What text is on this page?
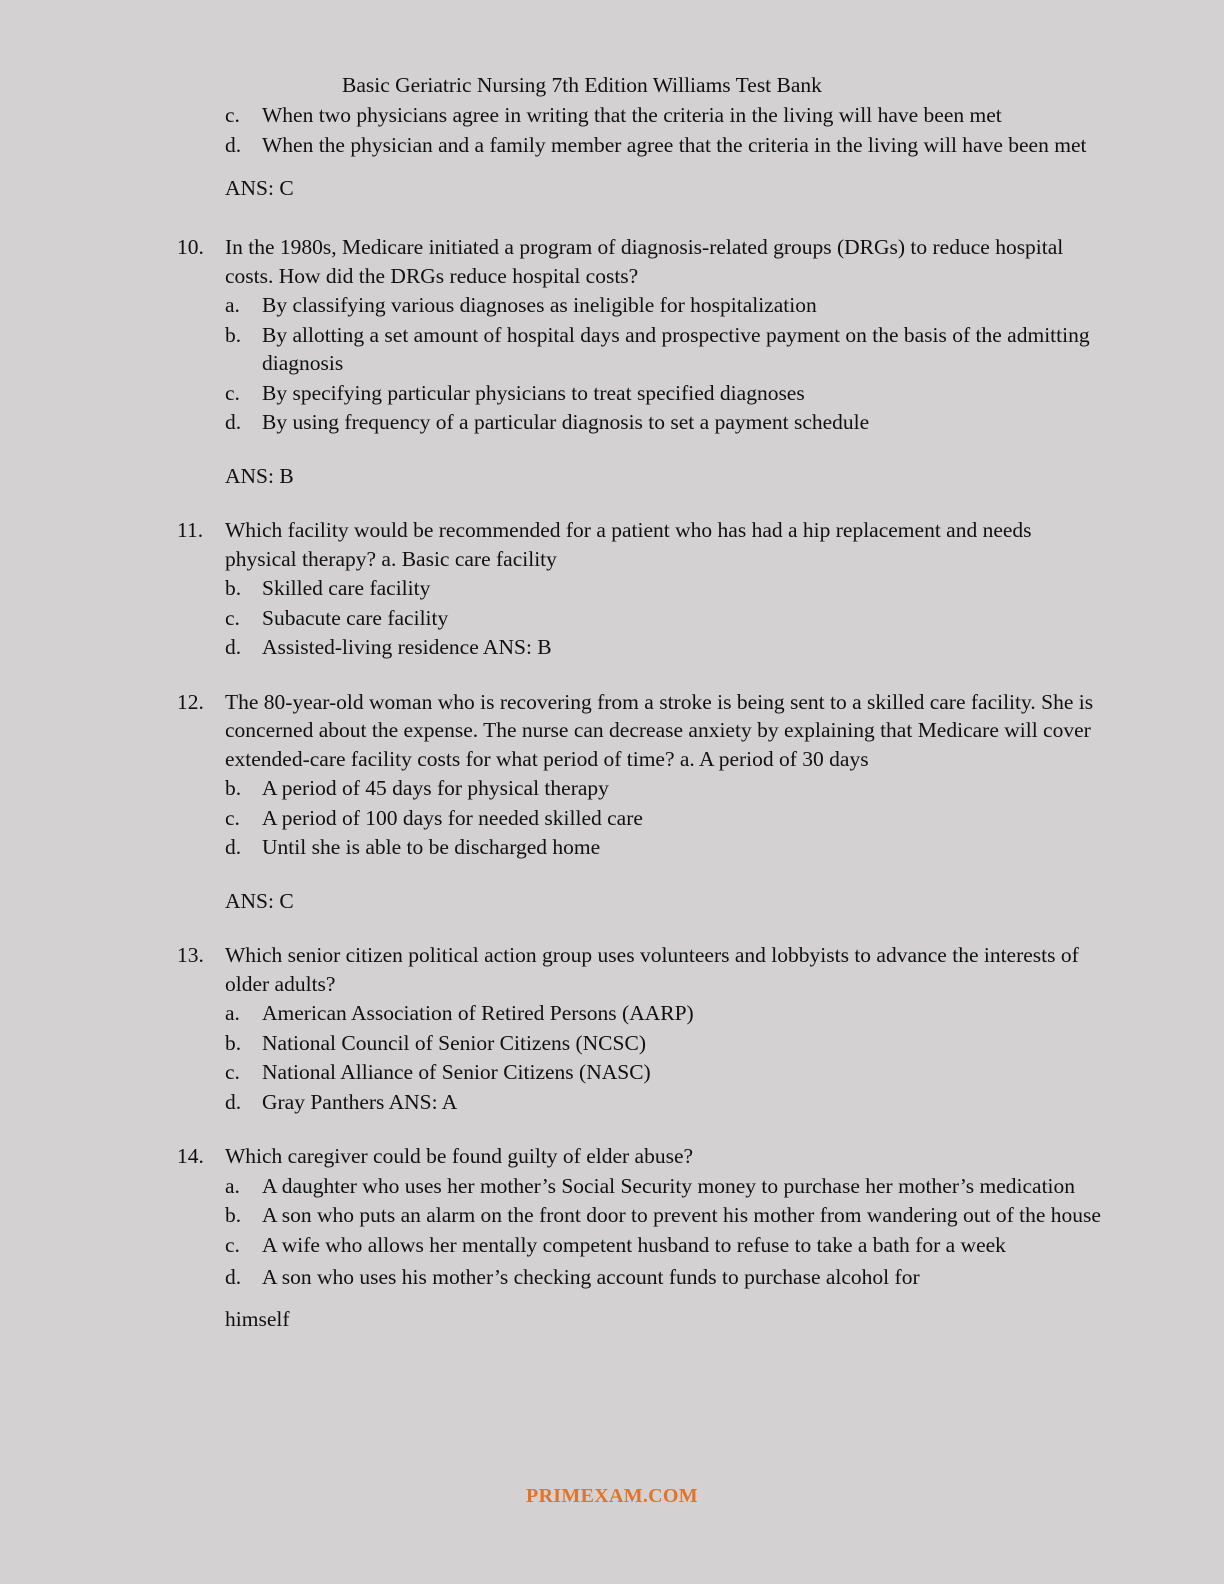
Basic Geriatric Nursing 7th Edition Williams Test Bank
c. When two physicians agree in writing that the criteria in the living will have been met
d. When the physician and a family member agree that the criteria in the living will have been met
ANS: C
10. In the 1980s, Medicare initiated a program of diagnosis-related groups (DRGs) to reduce hospital costs. How did the DRGs reduce hospital costs?
a. By classifying various diagnoses as ineligible for hospitalization
b. By allotting a set amount of hospital days and prospective payment on the basis of the admitting diagnosis
c. By specifying particular physicians to treat specified diagnoses
d. By using frequency of a particular diagnosis to set a payment schedule
ANS: B
11. Which facility would be recommended for a patient who has had a hip replacement and needs physical therapy? a. Basic care facility
b. Skilled care facility
c. Subacute care facility
d. Assisted-living residence ANS: B
12. The 80-year-old woman who is recovering from a stroke is being sent to a skilled care facility. She is concerned about the expense. The nurse can decrease anxiety by explaining that Medicare will cover extended-care facility costs for what period of time? a. A period of 30 days
b. A period of 45 days for physical therapy
c. A period of 100 days for needed skilled care
d. Until she is able to be discharged home
ANS: C
13. Which senior citizen political action group uses volunteers and lobbyists to advance the interests of older adults?
a. American Association of Retired Persons (AARP)
b. National Council of Senior Citizens (NCSC)
c. National Alliance of Senior Citizens (NASC)
d. Gray Panthers ANS: A
14. Which caregiver could be found guilty of elder abuse?
a. A daughter who uses her mother’s Social Security money to purchase her mother’s medication
b. A son who puts an alarm on the front door to prevent his mother from wandering out of the house
c. A wife who allows her mentally competent husband to refuse to take a bath for a week
d. A son who uses his mother’s checking account funds to purchase alcohol for
himself
PRIMEXAM.COM
